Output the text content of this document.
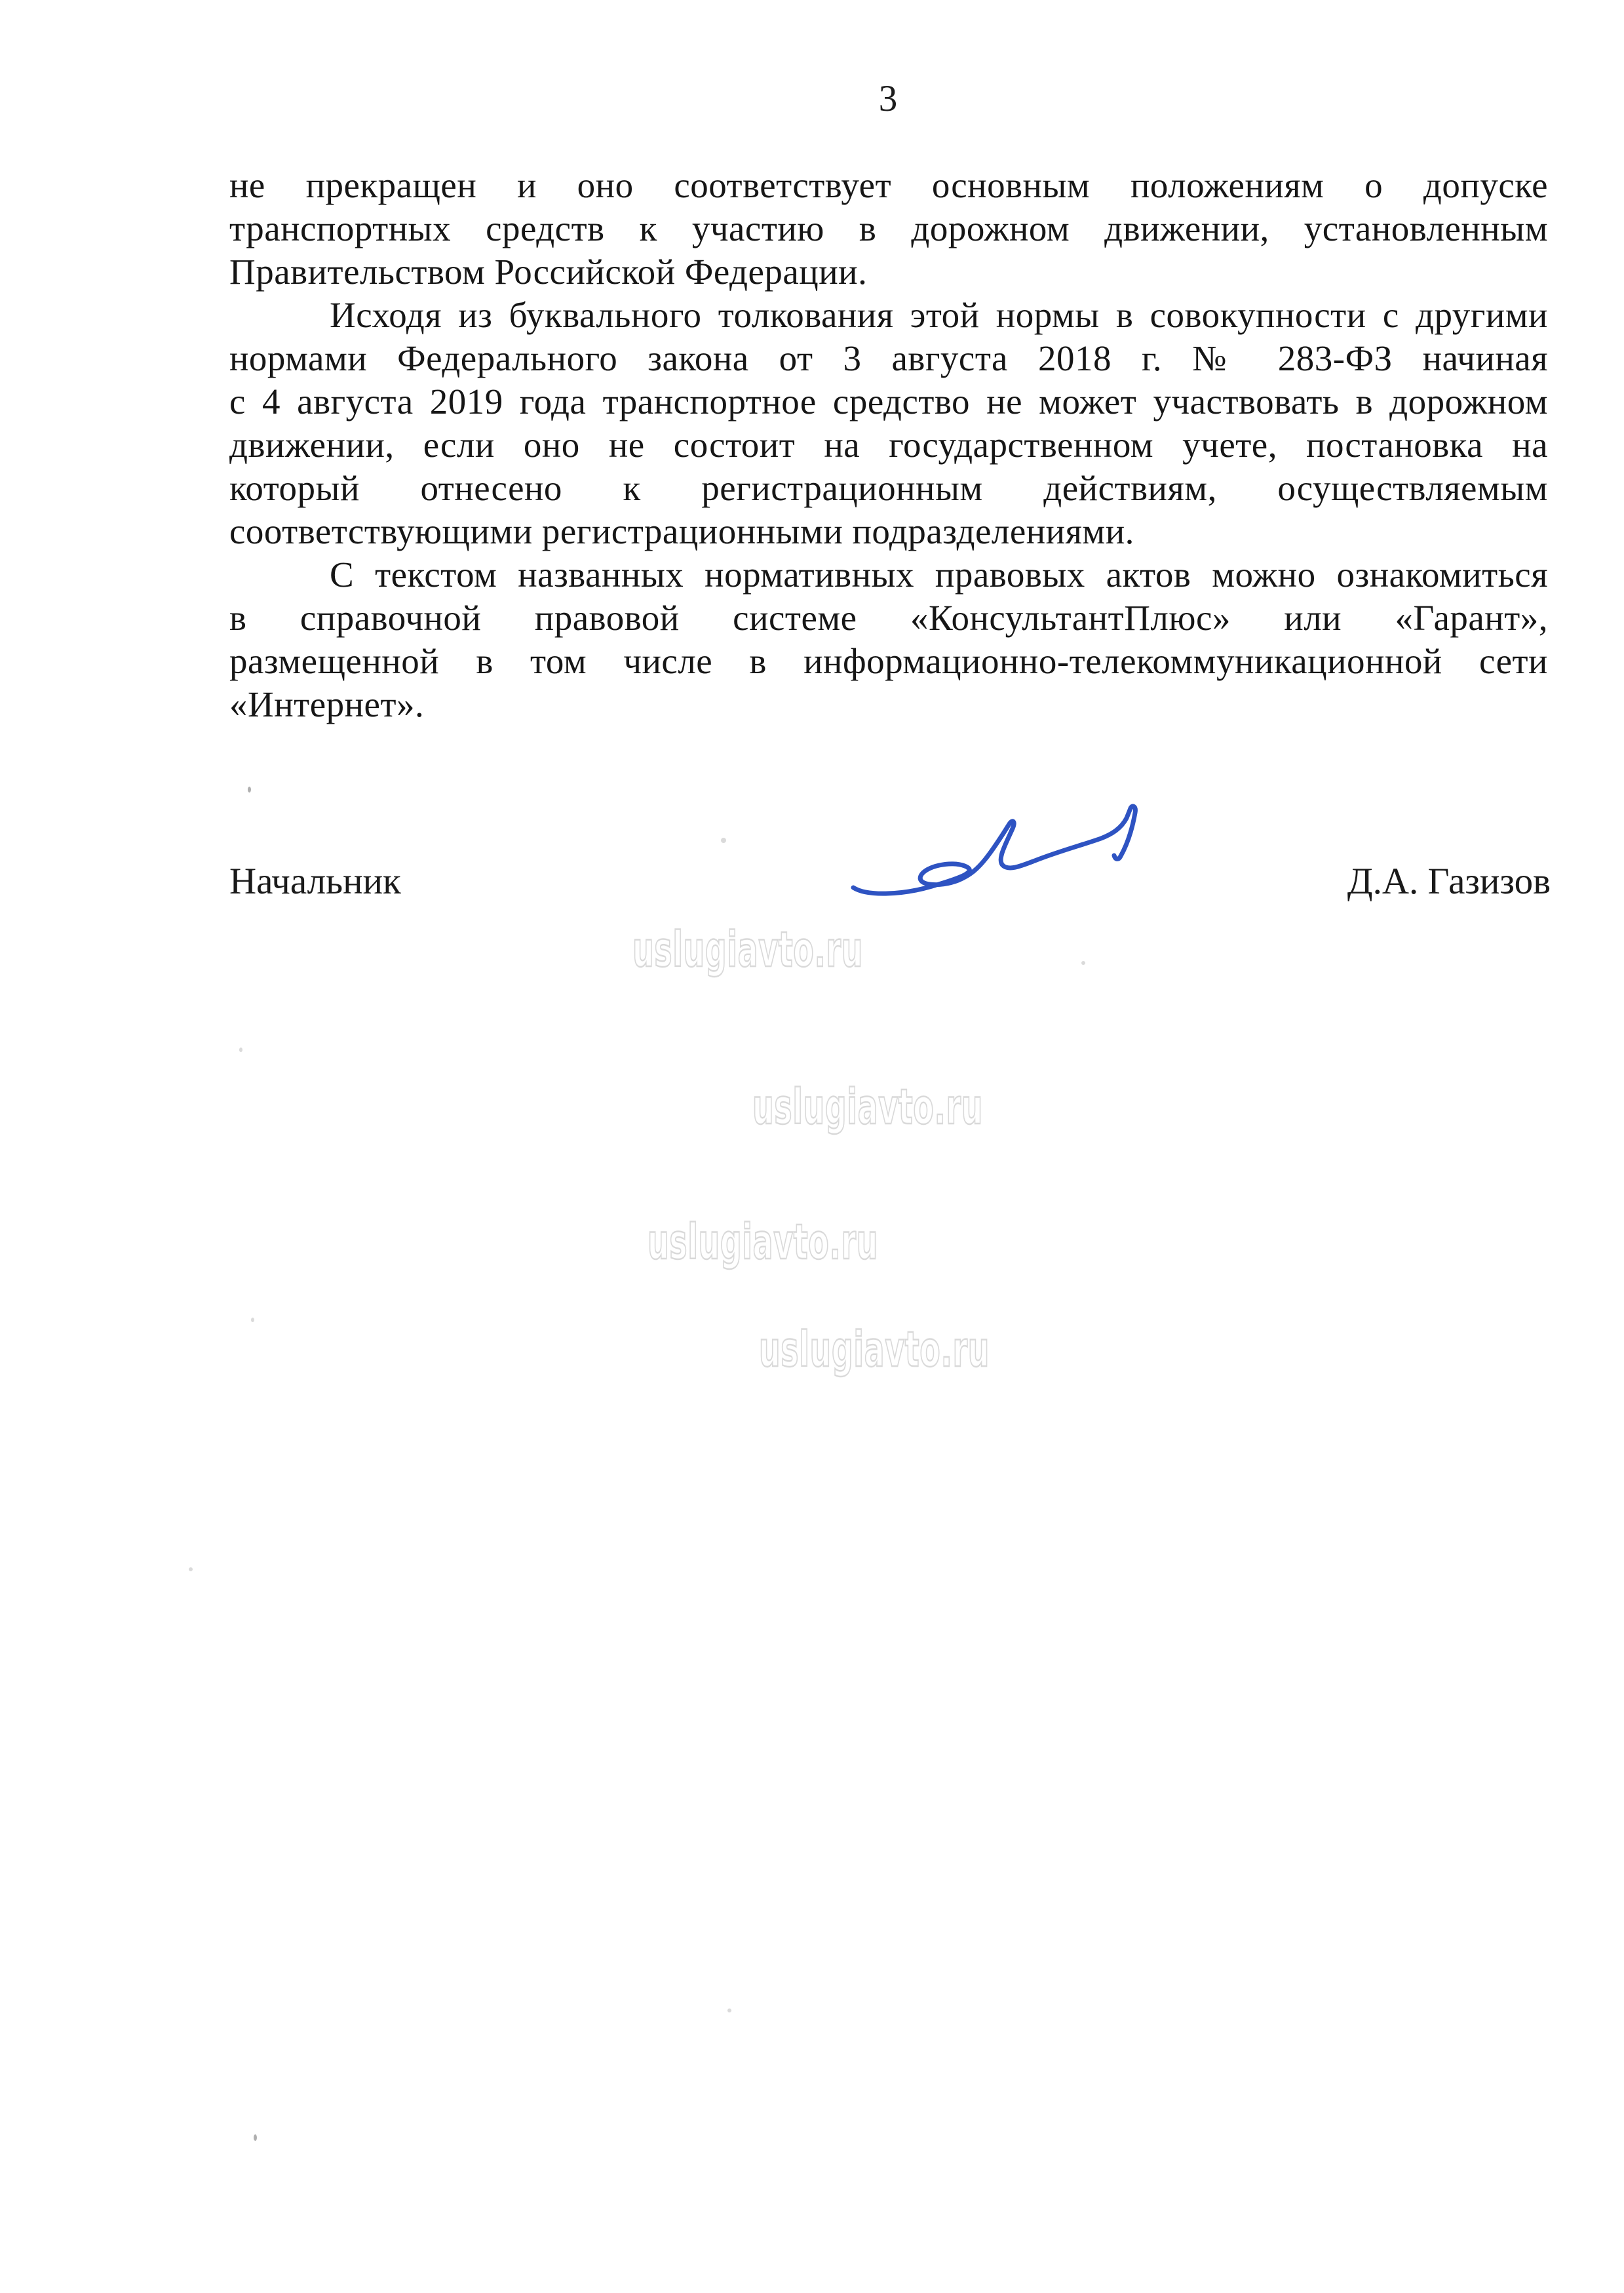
3
не прекращен и оно соответствует основным положениям о допуске
транспортных средств к участию в дорожном движении, установленным
Правительством Российской Федерации.
Исходя из буквального толкования этой нормы в совокупности с другими
нормами Федерального закона от 3 августа 2018 г. № 283-ФЗ начиная
с 4 августа 2019 года транспортное средство не может участвовать в дорожном
движении, если оно не состоит на государственном учете, постановка на
который отнесено к регистрационным действиям, осуществляемым
соответствующими регистрационными подразделениями.
С текстом названных нормативных правовых актов можно ознакомиться
в справочной правовой системе «КонсультантПлюс» или «Гарант»,
размещенной в том числе в информационно-телекоммуникационной сети
«Интернет».
Начальник	Д.А. Газизов
uslugiavto.ru
uslugiavto.ru
uslugiavto.ru
uslugiavto.ru
